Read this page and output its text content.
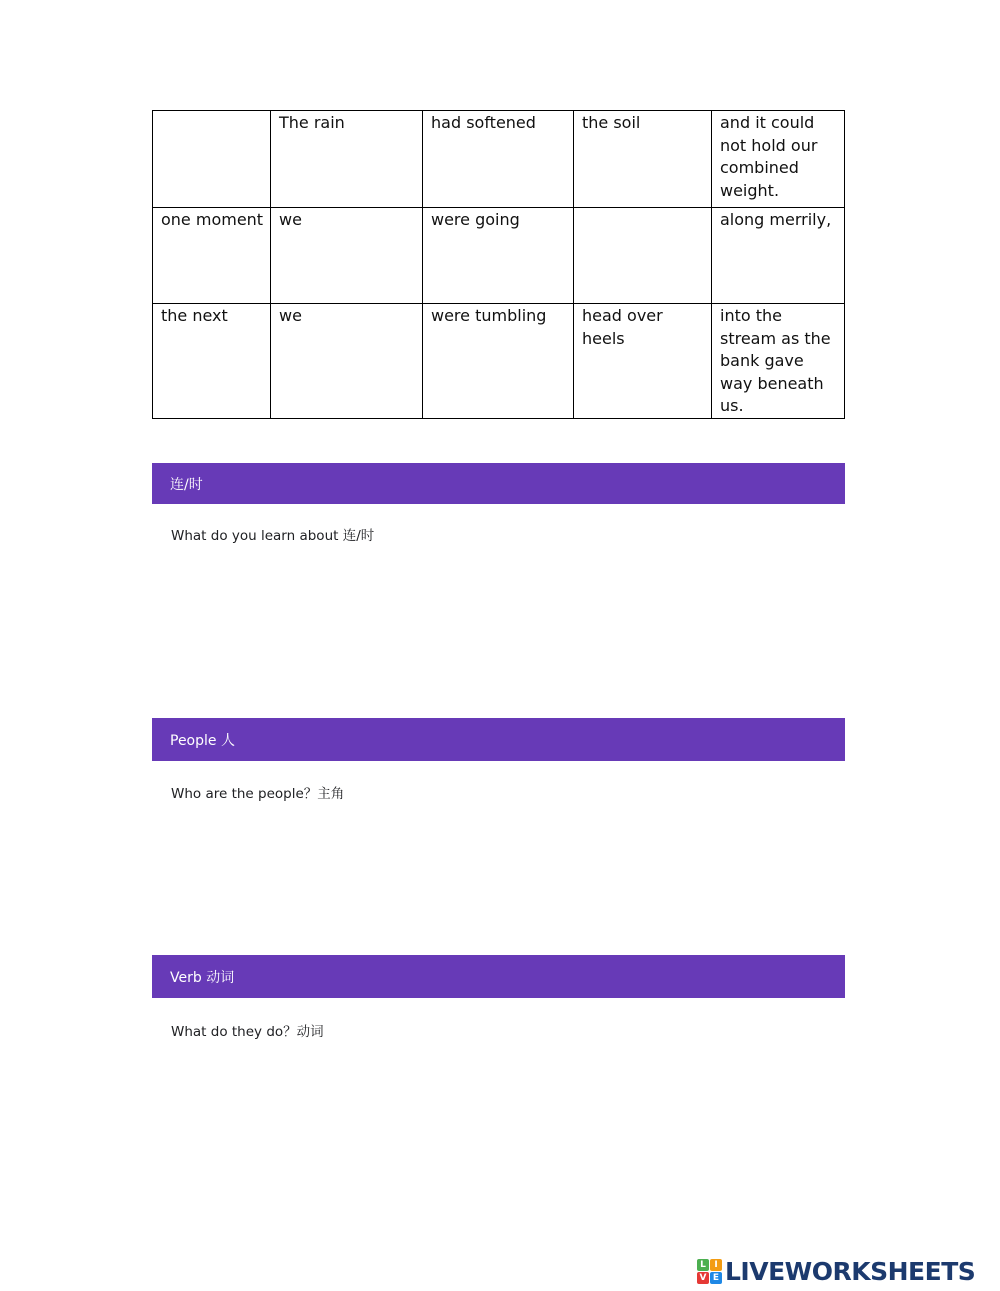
	The rain	had softened	the soil	and it could not hold our combined weight.
one moment	we	were going		along merrily,
the next	we	were tumbling	head over heels	into the stream as the bank gave way beneath us.
连/时
What do you learn about 连/时
People 人
Who are the people？主角
Verb 动词
What do they do？动词
L I
V E LIVEWORKSHEETS
